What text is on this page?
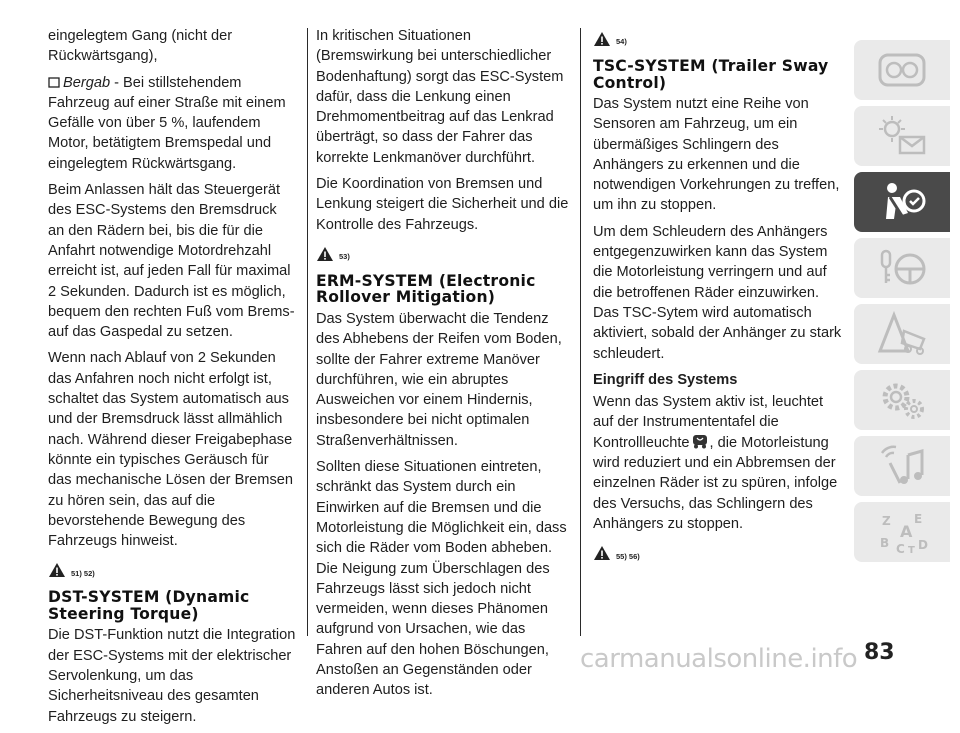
eingelegtem Gang (nicht der Rückwärtsgang),

Bergab - Bei stillstehendem Fahrzeug auf einer Straße mit einem Gefälle von über 5 %, laufendem Motor, betätigtem Bremspedal und eingelegtem Rückwärtsgang.

Beim Anlassen hält das Steuergerät des ESC-Systems den Bremsdruck an den Rädern bei, bis die für die Anfahrt notwendige Motordrehzahl erreicht ist, auf jeden Fall für maximal 2 Sekunden. Dadurch ist es möglich, bequem den rechten Fuß vom Brems- auf das Gaspedal zu setzen.

Wenn nach Ablauf von 2 Sekunden das Anfahren noch nicht erfolgt ist, schaltet das System automatisch aus und der Bremsdruck lässt allmählich nach. Während dieser Freigabephase könnte ein typisches Geräusch für das mechanische Lösen der Bremsen zu hören sein, das auf die bevorstehende Bewegung des Fahrzeugs hinweist.

51) 52)
DST-SYSTEM (Dynamic Steering Torque)

Die DST-Funktion nutzt die Integration der ESC-Systems mit der elektrischer Servolenkung, um das Sicherheitsniveau des gesamten Fahrzeugs zu steigern.

In kritischen Situationen (Bremswirkung bei unterschiedlicher Bodenhaftung) sorgt das ESC-System dafür, dass die Lenkung einen Drehmomentbeitrag auf das Lenkrad überträgt, so dass der Fahrer das korrekte Lenkmanöver durchführt.

Die Koordination von Bremsen und Lenkung steigert die Sicherheit und die Kontrolle des Fahrzeugs.

53)
ERM-SYSTEM (Electronic Rollover Mitigation)

Das System überwacht die Tendenz des Abhebens der Reifen vom Boden, sollte der Fahrer extreme Manöver durchführen, wie ein abruptes Ausweichen vor einem Hindernis, insbesondere bei nicht optimalen Straßenverhältnissen.

Sollten diese Situationen eintreten, schränkt das System durch ein Einwirken auf die Bremsen und die Motorleistung die Möglichkeit ein, dass sich die Räder vom Boden abheben. Die Neigung zum Überschlagen des Fahrzeugs lässt sich jedoch nicht vermeiden, wenn dieses Phänomen aufgrund von Ursachen, wie das Fahren auf den hohen Böschungen, Anstoßen an Gegenständen oder anderen Autos ist.

54)
TSC-SYSTEM (Trailer Sway Control)

Das System nutzt eine Reihe von Sensoren am Fahrzeug, um ein übermäßiges Schlingern des Anhängers zu erkennen und die notwendigen Vorkehrungen zu treffen, um ihn zu stoppen.

Um dem Schleudern des Anhängers entgegenzuwirken kann das System die Motorleistung verringern und auf die betroffenen Räder einzuwirken. Das TSC-Sytem wird automatisch aktiviert, sobald der Anhänger zu stark schleudert.

Eingriff des Systems

Wenn das System aktiv ist, leuchtet auf der Instrumententafel die Kontrollleuchte , die Motorleistung wird reduziert und ein Abbremsen der einzelnen Räder ist zu spüren, infolge des Versuchs, das Schlingern des Anhängers zu stoppen.

55) 56)
Z E
A
B C D
T
carmanualsonline.info 83
